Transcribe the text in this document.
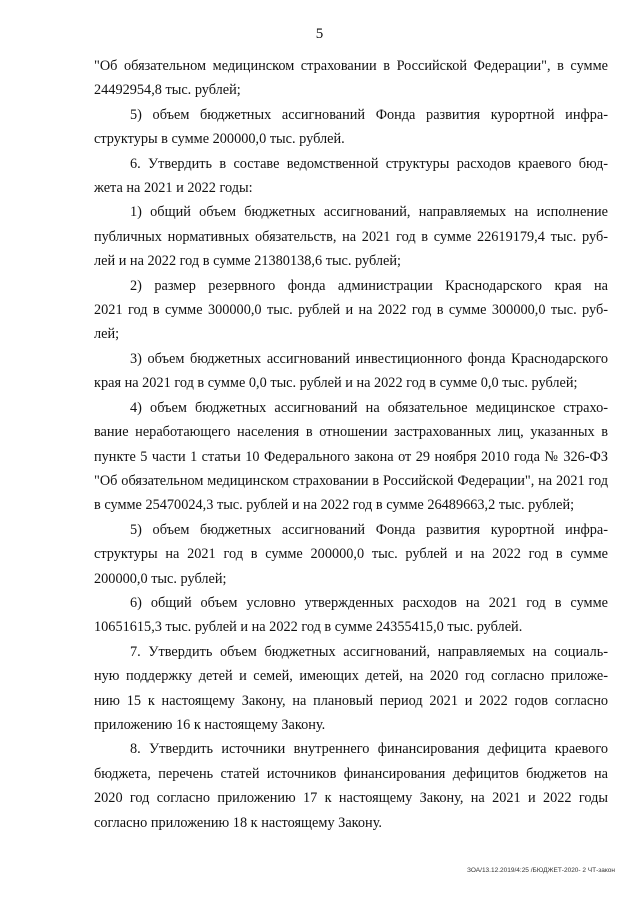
5
"Об обязательном медицинском страховании в Российской Федерации", в сумме
24492954,8 тыс. рублей;
5) объем бюджетных ассигнований Фонда развития курортной инфра-
структуры в сумме 200000,0 тыс. рублей.
6. Утвердить в составе ведомственной структуры расходов краевого бюд-
жета на 2021 и 2022 годы:
1) общий объем бюджетных ассигнований, направляемых на исполнение
публичных нормативных обязательств, на 2021 год в сумме 22619179,4 тыс. руб-
лей и на 2022 год в сумме 21380138,6 тыс. рублей;
2) размер резервного фонда администрации Краснодарского края на
2021 год в сумме 300000,0 тыс. рублей и на 2022 год в сумме 300000,0 тыс. руб-
лей;
3) объем бюджетных ассигнований инвестиционного фонда Краснодарского
края на 2021 год в сумме 0,0 тыс. рублей и на 2022 год в сумме 0,0 тыс. рублей;
4) объем бюджетных ассигнований на обязательное медицинское страхо-
вание неработающего населения в отношении застрахованных лиц, указанных в
пункте 5 части 1 статьи 10 Федерального закона от 29 ноября 2010 года № 326-ФЗ
"Об обязательном медицинском страховании в Российской Федерации", на 2021 год
в сумме 25470024,3 тыс. рублей и на 2022 год в сумме 26489663,2 тыс. рублей;
5) объем бюджетных ассигнований Фонда развития курортной инфра-
структуры на 2021 год в сумме 200000,0 тыс. рублей и на 2022 год в сумме
200000,0 тыс. рублей;
6) общий объем условно утвержденных расходов на 2021 год в сумме
10651615,3 тыс. рублей и на 2022 год в сумме 24355415,0 тыс. рублей.
7. Утвердить объем бюджетных ассигнований, направляемых на социаль-
ную поддержку детей и семей, имеющих детей, на 2020 год согласно приложе-
нию 15 к настоящему Закону, на плановый период 2021 и 2022 годов согласно
приложению 16 к настоящему Закону.
8. Утвердить источники внутреннего финансирования дефицита краевого
бюджета, перечень статей источников финансирования дефицитов бюджетов на
2020 год согласно приложению 17 к настоящему Закону, на 2021 и 2022 годы
согласно приложению 18 к настоящему Закону.
ЗОА/13.12.2019/4:25 /БЮДЖЕТ-2020- 2 ЧТ-закон
